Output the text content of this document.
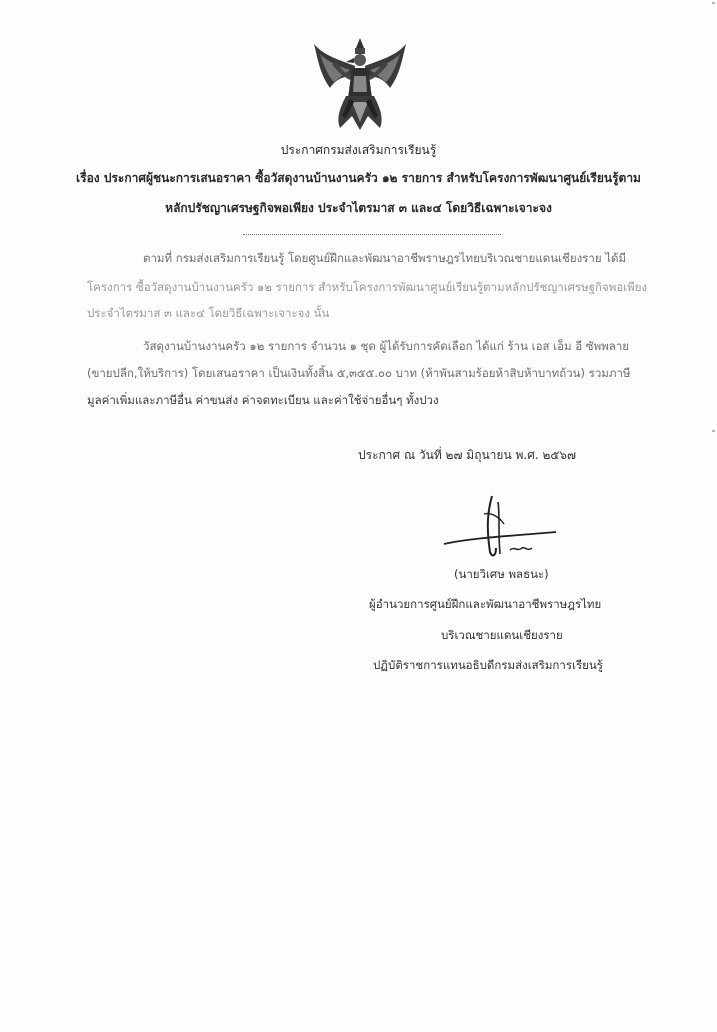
ประกาศกรมส่งเสริมการเรียนรู้
เรื่อง ประกาศผู้ชนะการเสนอราคา ซื้อวัสดุงานบ้านงานครัว ๑๒ รายการ สำหรับโครงการพัฒนาศูนย์เรียนรู้ตาม
หลักปรัชญาเศรษฐกิจพอเพียง ประจำไตรมาส ๓ และ๔ โดยวิธีเฉพาะเจาะจง
ตามที่ กรมส่งเสริมการเรียนรู้ โดยศูนย์ฝึกและพัฒนาอาชีพราษฎรไทยบริเวณชายแดนเชียงราย ได้มี
โครงการ ซื้อวัสดุงานบ้านงานครัว ๑๒ รายการ สำหรับโครงการพัฒนาศูนย์เรียนรู้ตามหลักปรัชญาเศรษฐกิจพอเพียง
ประจำไตรมาส ๓ และ๔ โดยวิธีเฉพาะเจาะจง นั้น
วัสดุงานบ้านงานครัว ๑๒ รายการ จำนวน ๑ ชุด ผู้ได้รับการคัดเลือก ได้แก่ ร้าน เอส เอ็ม อี ซัพพลาย
(ขายปลีก,ให้บริการ) โดยเสนอราคา เป็นเงินทั้งสิ้น ๕,๓๕๕.๐๐ บาท (ห้าพันสามร้อยห้าสิบห้าบาทถ้วน) รวมภาษี
มูลค่าเพิ่มและภาษีอื่น ค่าขนส่ง ค่าจดทะเบียน และค่าใช้จ่ายอื่นๆ ทั้งปวง
ประกาศ ณ วันที่ ๒๗ มิถุนายน พ.ศ. ๒๕๖๗
(นายวิเศษ พลธนะ)
ผู้อำนวยการศูนย์ฝึกและพัฒนาอาชีพราษฎรไทย
บริเวณชายแดนเชียงราย
ปฏิบัติราชการแทนอธิบดีกรมส่งเสริมการเรียนรู้
